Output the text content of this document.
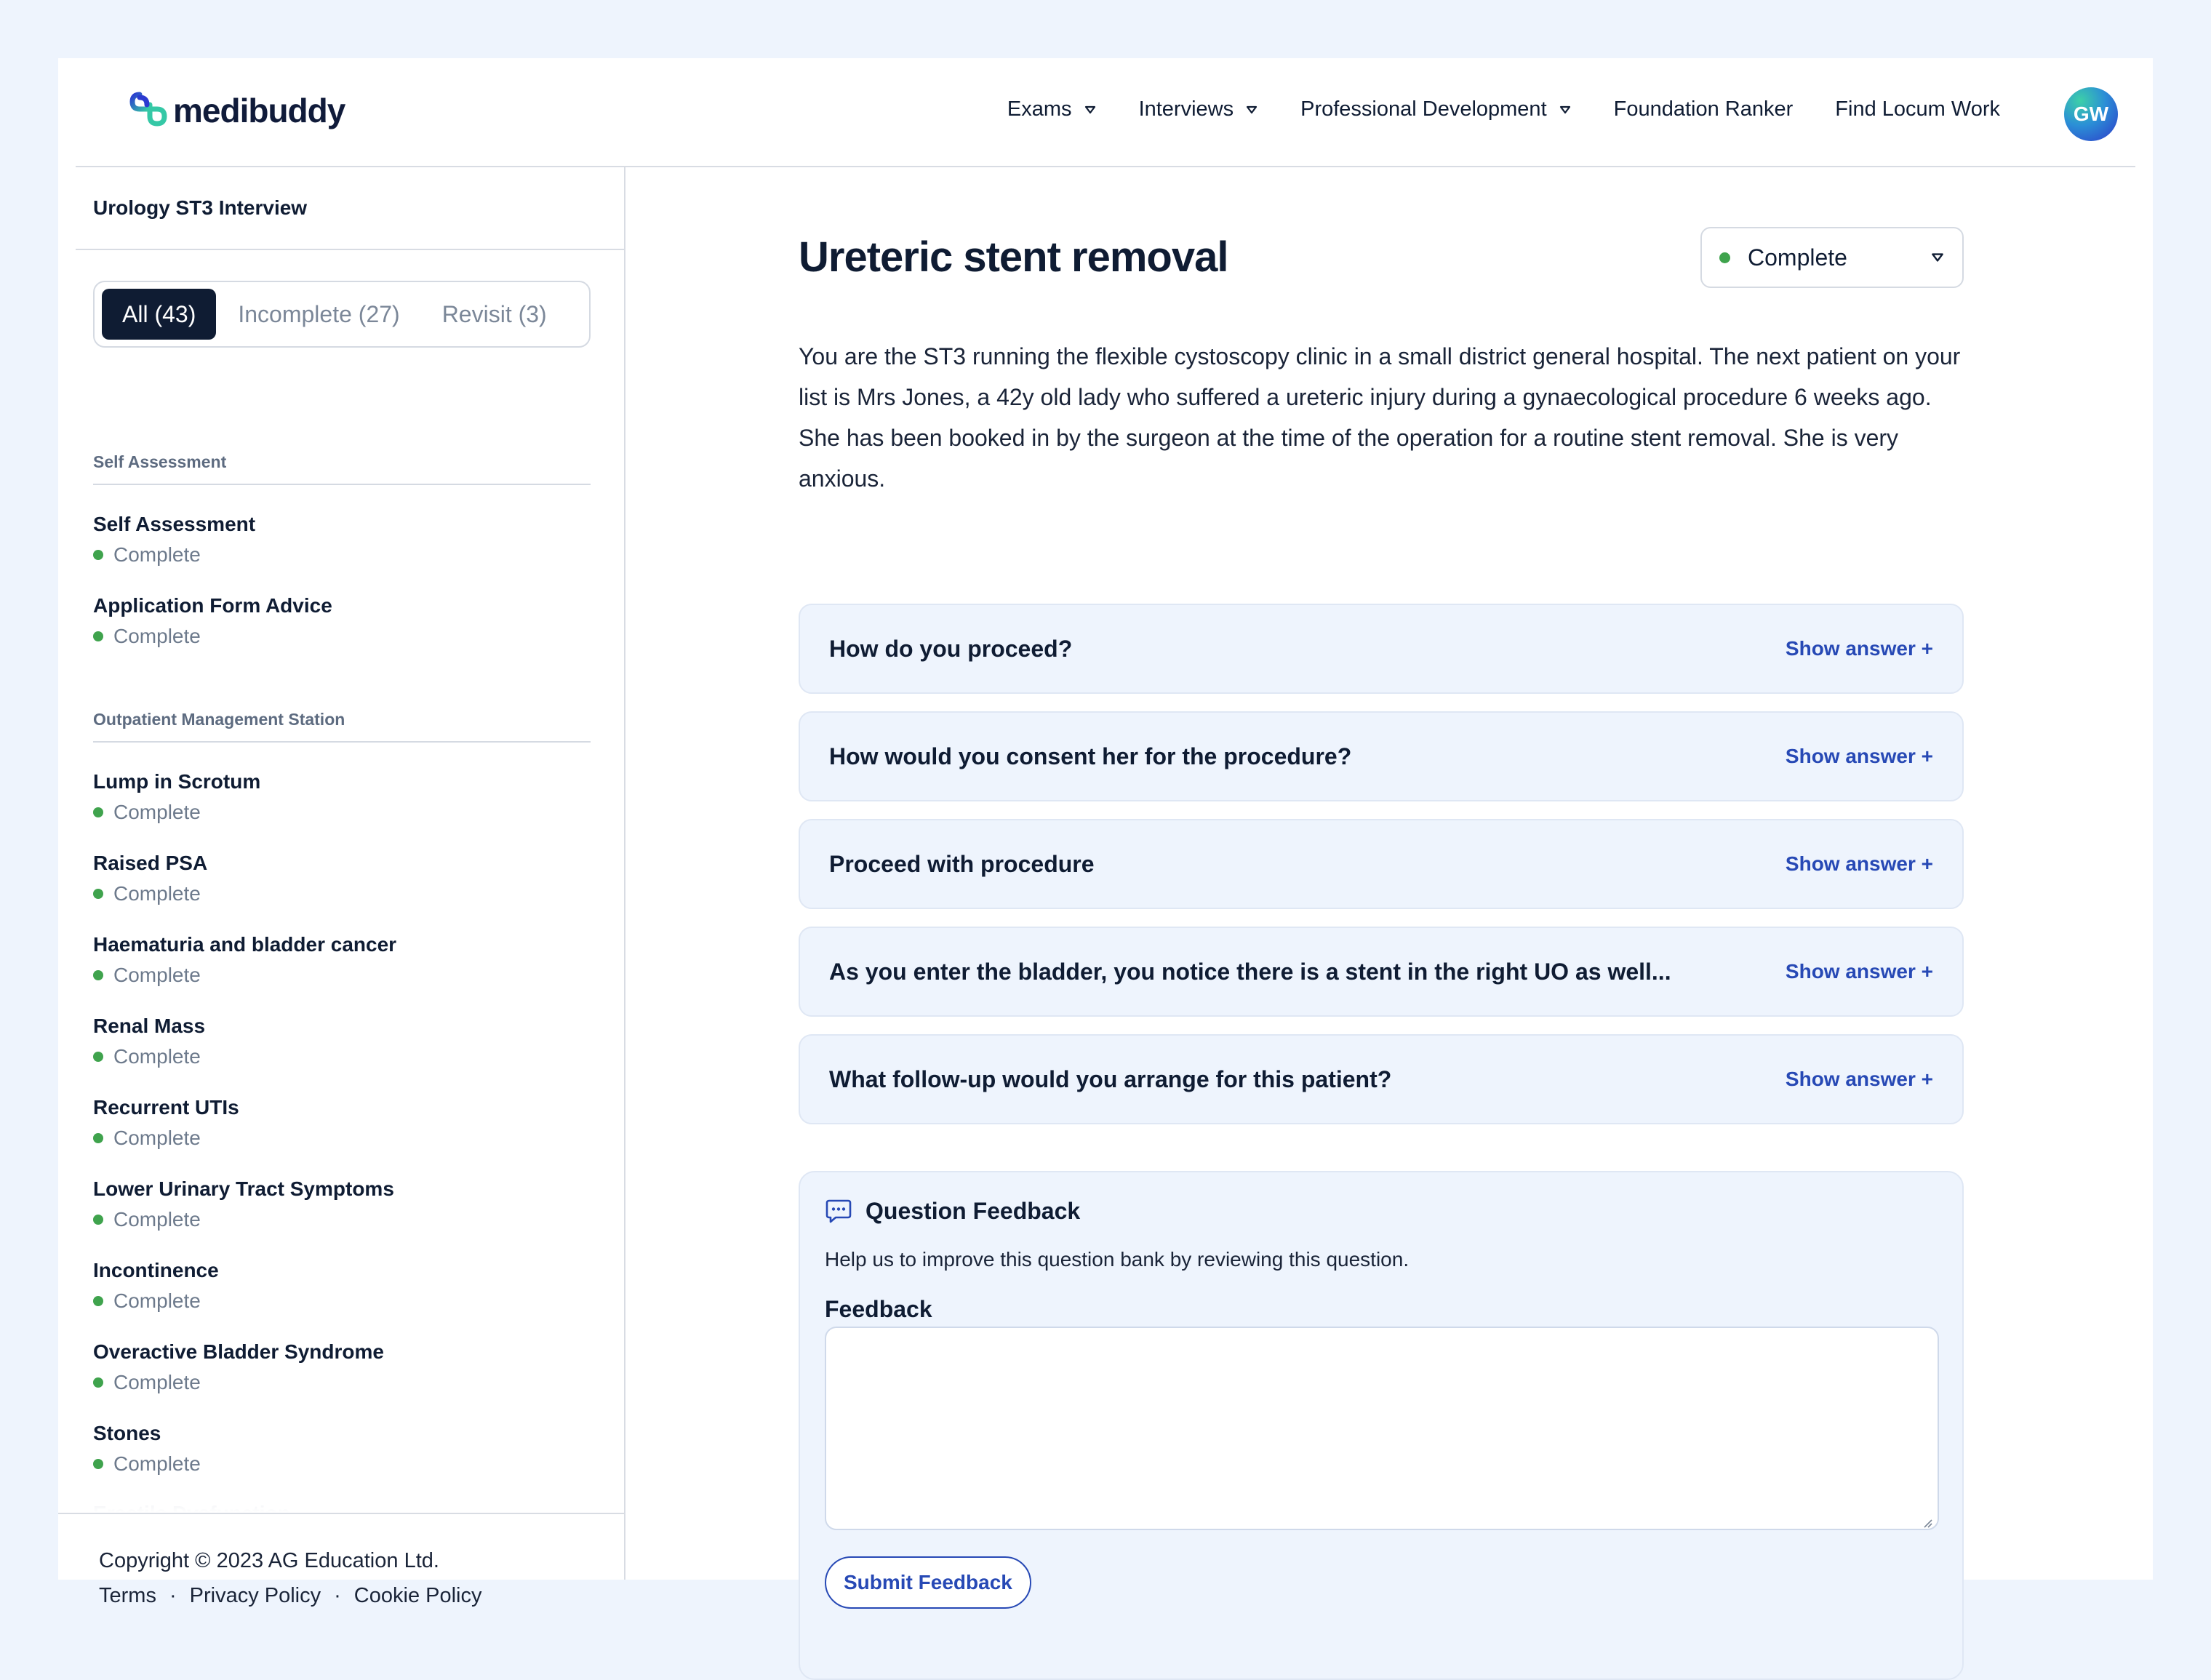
medibuddy	Exams	Interviews	Professional Development	Foundation Ranker Find Locum Work	GW
Urology ST3 Interview
All (43)	Incomplete (27)	Revisit (3)
Self Assessment
Self Assessment
Complete
Application Form Advice
Complete
Outpatient Management Station
Lump in Scrotum
Complete
Raised PSA
Complete
Haematuria and bladder cancer
Complete
Renal Mass
Complete
Recurrent UTIs
Complete
Lower Urinary Tract Symptoms
Complete
Incontinence
Complete
Overactive Bladder Syndrome
Complete
Stones
Complete
Copyright © 2023 AG Education Ltd.
Terms · Privacy Policy · Cookie Policy
Ureteric stent removal	Complete

You are the ST3 running the flexible cystoscopy clinic in a small district general hospital. The next patient on your list is Mrs Jones, a 42y old lady who suffered a ureteric injury during a gynaecological procedure 6 weeks ago. She has been booked in by the surgeon at the time of the operation for a routine stent removal. She is very anxious.

How do you proceed?	Show answer +
How would you consent her for the procedure?	Show answer +
Proceed with procedure	Show answer +
As you enter the bladder, you notice there is a stent in the right UO as well...	Show answer +
What follow-up would you arrange for this patient?	Show answer +
Question Feedback
Help us to improve this question bank by reviewing this question.
Feedback
Submit Feedback
